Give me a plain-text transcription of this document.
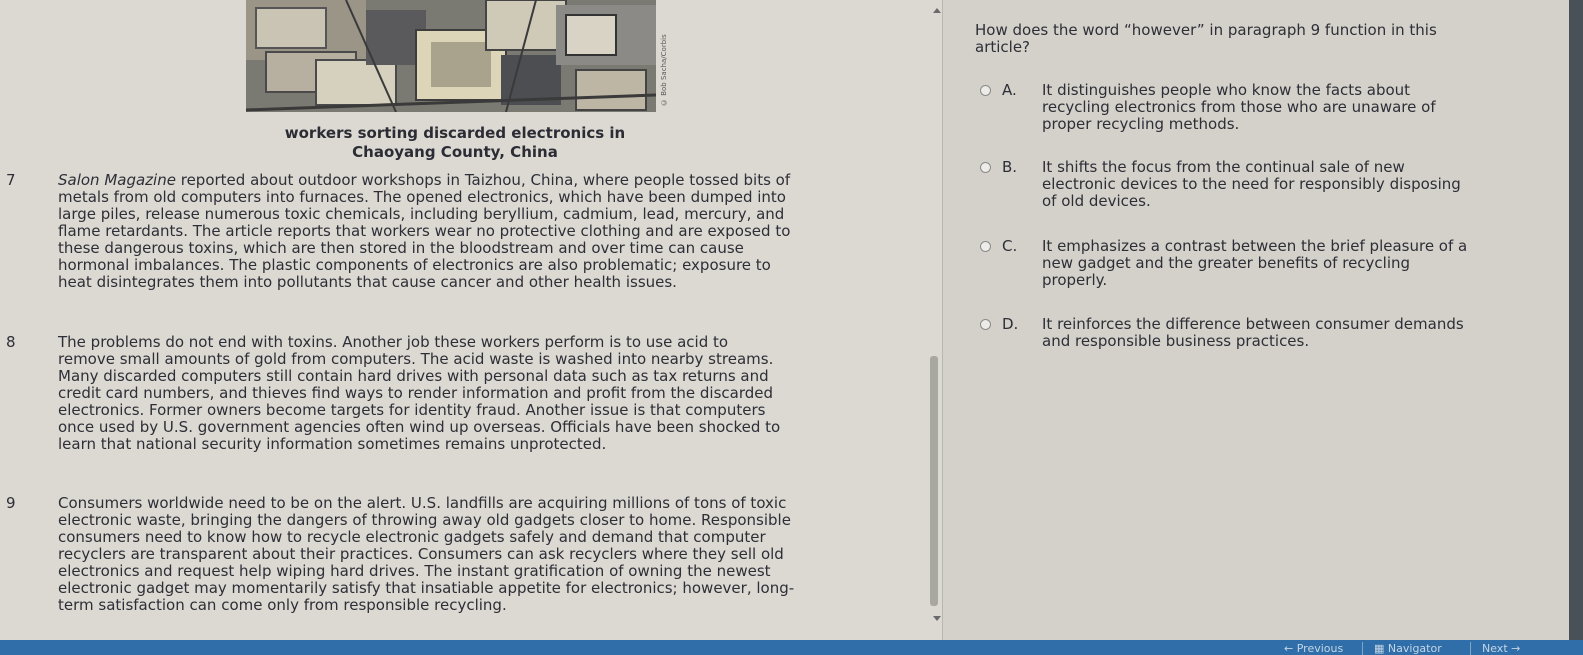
© Bob Sacha/Corbis
workers sorting discarded electronics in
Chaoyang County, China
7	Salon Magazine reported about outdoor workshops in Taizhou, China, where people tossed bits of
metals from old computers into furnaces. The opened electronics, which have been dumped into
large piles, release numerous toxic chemicals, including beryllium, cadmium, lead, mercury, and
flame retardants. The article reports that workers wear no protective clothing and are exposed to
these dangerous toxins, which are then stored in the bloodstream and over time can cause
hormonal imbalances. The plastic components of electronics are also problematic; exposure to
heat disintegrates them into pollutants that cause cancer and other health issues.
8	The problems do not end with toxins. Another job these workers perform is to use acid to
remove small amounts of gold from computers. The acid waste is washed into nearby streams.
Many discarded computers still contain hard drives with personal data such as tax returns and
credit card numbers, and thieves find ways to render information and profit from the discarded
electronics. Former owners become targets for identity fraud. Another issue is that computers
once used by U.S. government agencies often wind up overseas. Officials have been shocked to
learn that national security information sometimes remains unprotected.
9	Consumers worldwide need to be on the alert. U.S. landfills are acquiring millions of tons of toxic
electronic waste, bringing the dangers of throwing away old gadgets closer to home. Responsible
consumers need to know how to recycle electronic gadgets safely and demand that computer
recyclers are transparent about their practices. Consumers can ask recyclers where they sell old
electronics and request help wiping hard drives. The instant gratification of owning the newest
electronic gadget may momentarily satisfy that insatiable appetite for electronics; however, long-
term satisfaction can come only from responsible recycling.
How does the word “however” in paragraph 9 function in this
article?
A. It distinguishes people who know the facts about
recycling electronics from those who are unaware of
proper recycling methods.
B. It shifts the focus from the continual sale of new
electronic devices to the need for responsibly disposing
of old devices.
C. It emphasizes a contrast between the brief pleasure of a
new gadget and the greater benefits of recycling
properly.
D. It reinforces the difference between consumer demands
and responsible business practices.
← Previous	▦ Navigator	Next →
